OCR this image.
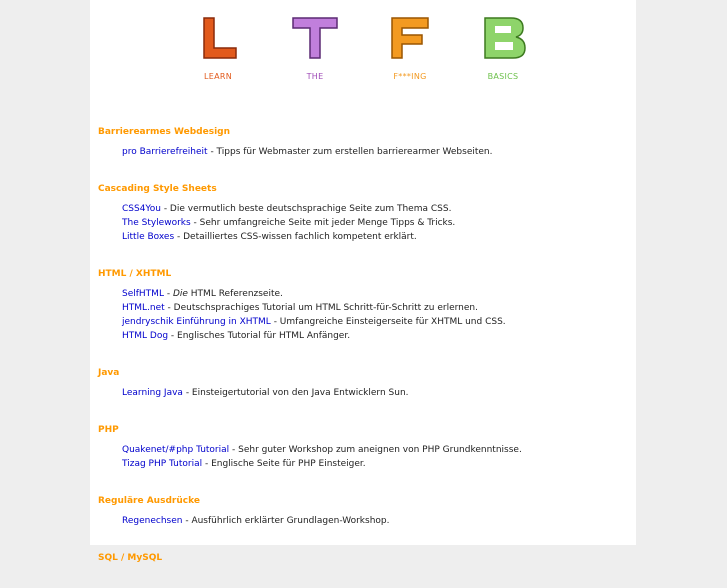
LEARN	THE	F***ING	BASICS
Barrierearmes Webdesign
pro Barrierefreiheit - Tipps für Webmaster zum erstellen barrierearmer Webseiten.
Cascading Style Sheets
CSS4You - Die vermutlich beste deutschsprachige Seite zum Thema CSS.
The Styleworks - Sehr umfangreiche Seite mit jeder Menge Tipps & Tricks.
Little Boxes - Detailliertes CSS-wissen fachlich kompetent erklärt.
HTML / XHTML
SelfHTML - Die HTML Referenzseite.
HTML.net - Deutschsprachiges Tutorial um HTML Schritt-für-Schritt zu erlernen.
jendryschik Einführung in XHTML - Umfangreiche Einsteigerseite für XHTML und CSS.
HTML Dog - Englisches Tutorial für HTML Anfänger.
Java
Learning Java - Einsteigertutorial von den Java Entwicklern Sun.
PHP
Quakenet/#php Tutorial - Sehr guter Workshop zum aneignen von PHP Grundkenntnisse.
Tizag PHP Tutorial - Englische Seite für PHP Einsteiger.
Reguläre Ausdrücke
Regenechsen - Ausführlich erklärter Grundlagen-Workshop.
SQL / MySQL
